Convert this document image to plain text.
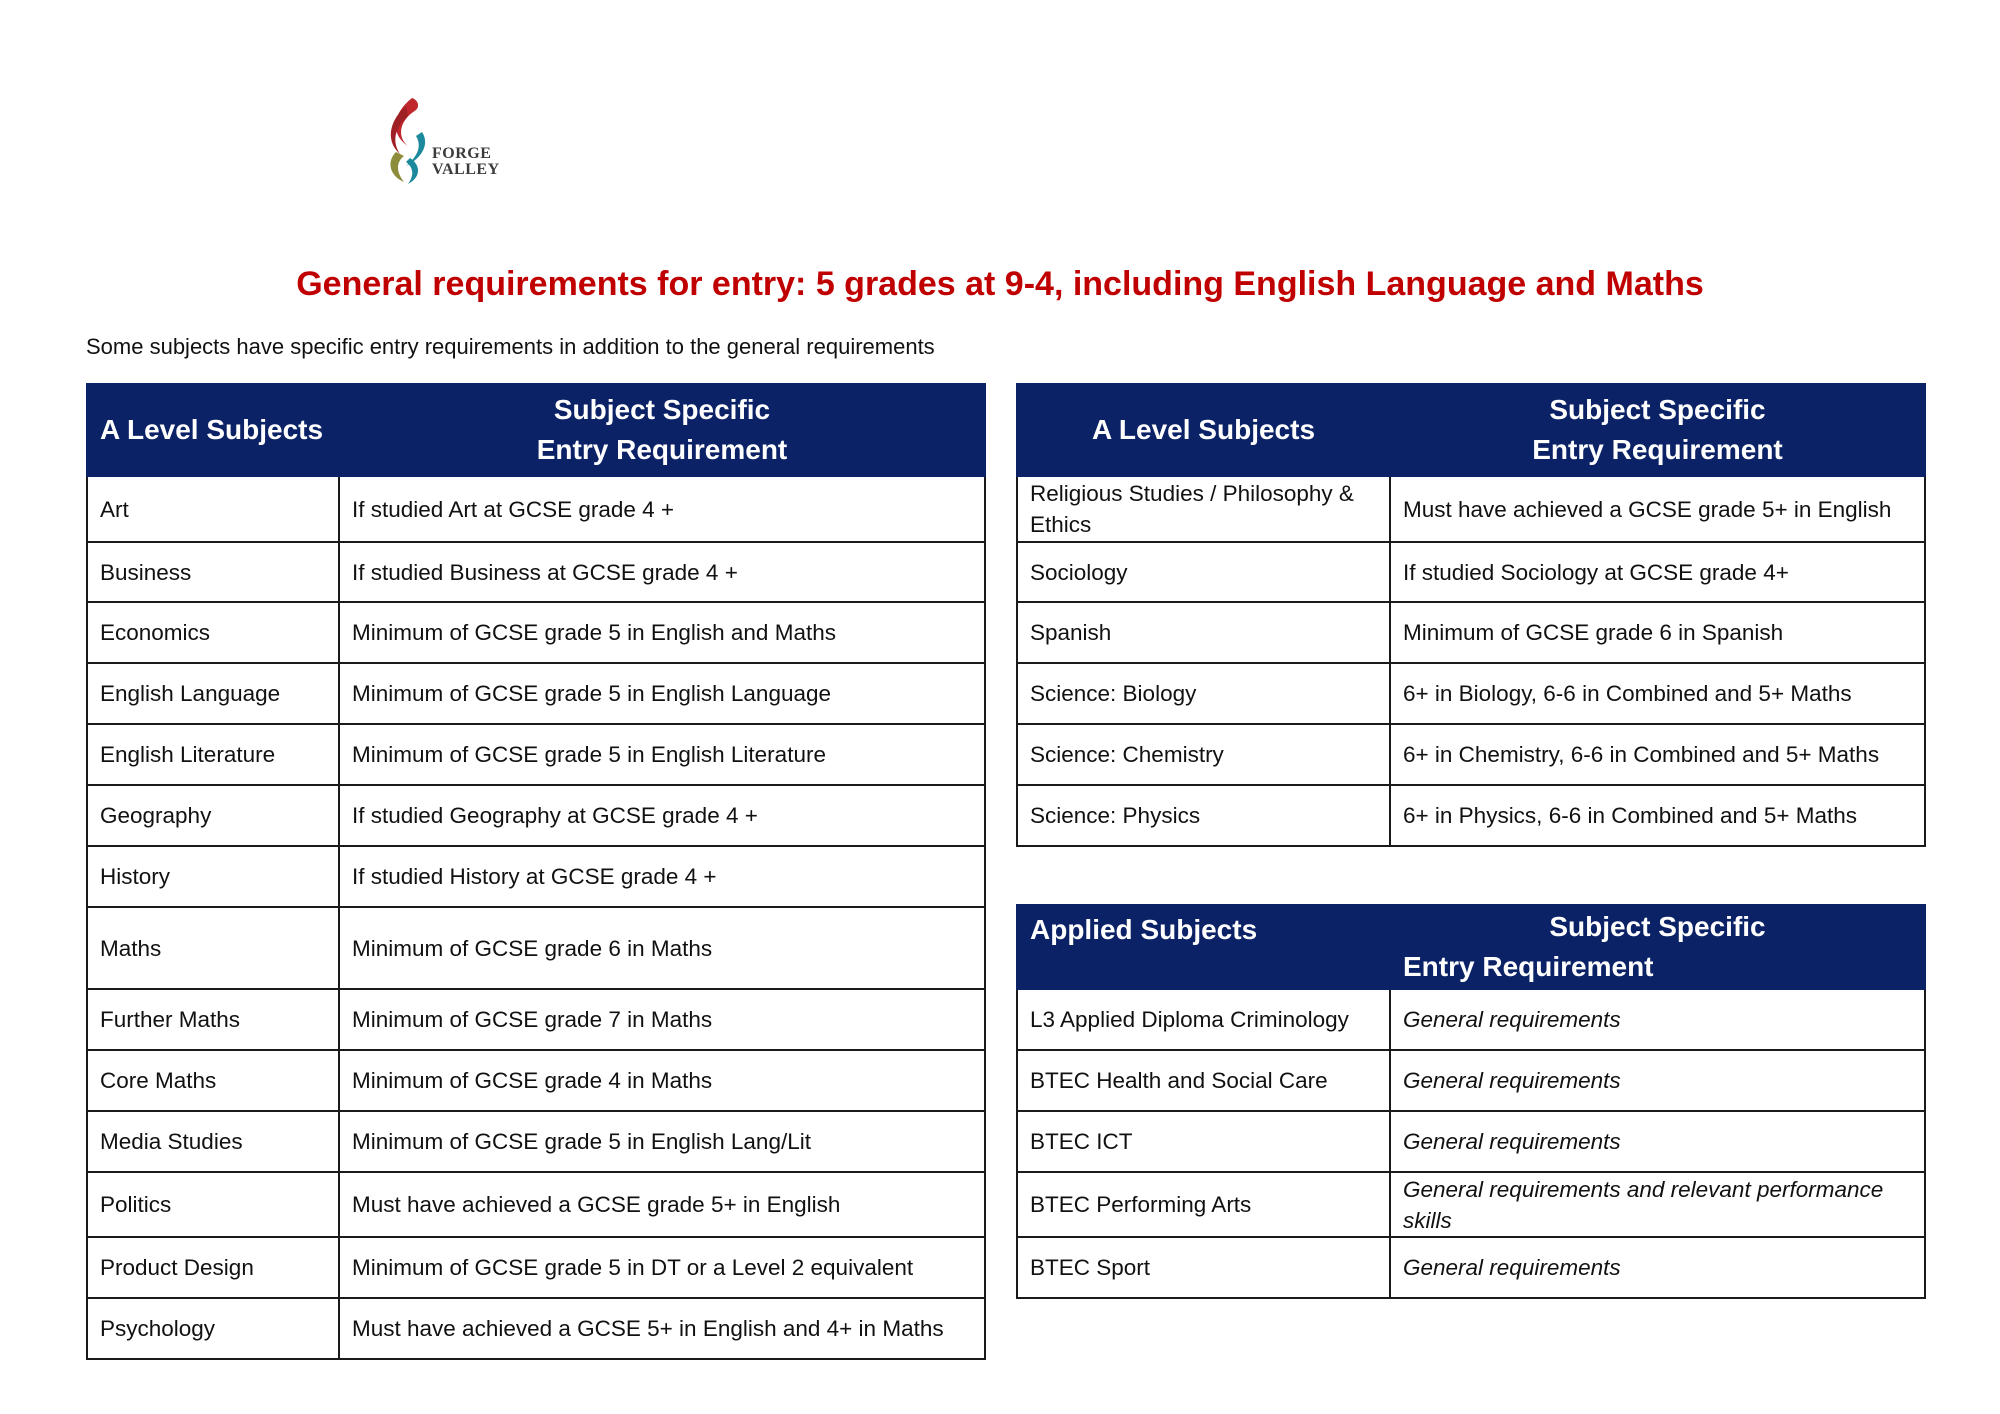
FORGE
VALLEY
General requirements for entry: 5 grades at 9-4, including English Language and Maths
Some subjects have specific entry requirements in addition to the general requirements
A Level Subjects	Subject Specific
Entry Requirement

Art	If studied Art at GCSE grade 4 +
Business	If studied Business at GCSE grade 4 +
Economics	Minimum of GCSE grade 5 in English and Maths
English Language	Minimum of GCSE grade 5 in English Language
English Literature	Minimum of GCSE grade 5 in English Literature
Geography	If studied Geography at GCSE grade 4 +
History	If studied History at GCSE grade 4 +
Maths	Minimum of GCSE grade 6 in Maths
Further Maths	Minimum of GCSE grade 7 in Maths
Core Maths	Minimum of GCSE grade 4 in Maths
Media Studies	Minimum of GCSE grade 5 in English Lang/Lit
Politics	Must have achieved a GCSE grade 5+ in English
Product Design	Minimum of GCSE grade 5 in DT or a Level 2 equivalent
Psychology	Must have achieved a GCSE 5+ in English and 4+ in Maths
A Level Subjects	Subject Specific
Entry Requirement

Religious Studies / Philosophy & Ethics	Must have achieved a GCSE grade 5+ in English
Sociology	If studied Sociology at GCSE grade 4+
Spanish	Minimum of GCSE grade 6 in Spanish
Science: Biology	6+ in Biology, 6-6 in Combined and 5+ Maths
Science: Chemistry	6+ in Chemistry, 6-6 in Combined and 5+ Maths
Science: Physics	6+ in Physics, 6-6 in Combined and 5+ Maths
Applied Subjects	Subject Specific
Entry Requirement

L3 Applied Diploma Criminology	General requirements
BTEC Health and Social Care	General requirements
BTEC ICT	General requirements
BTEC Performing Arts	General requirements and relevant performance skills
BTEC Sport	General requirements
